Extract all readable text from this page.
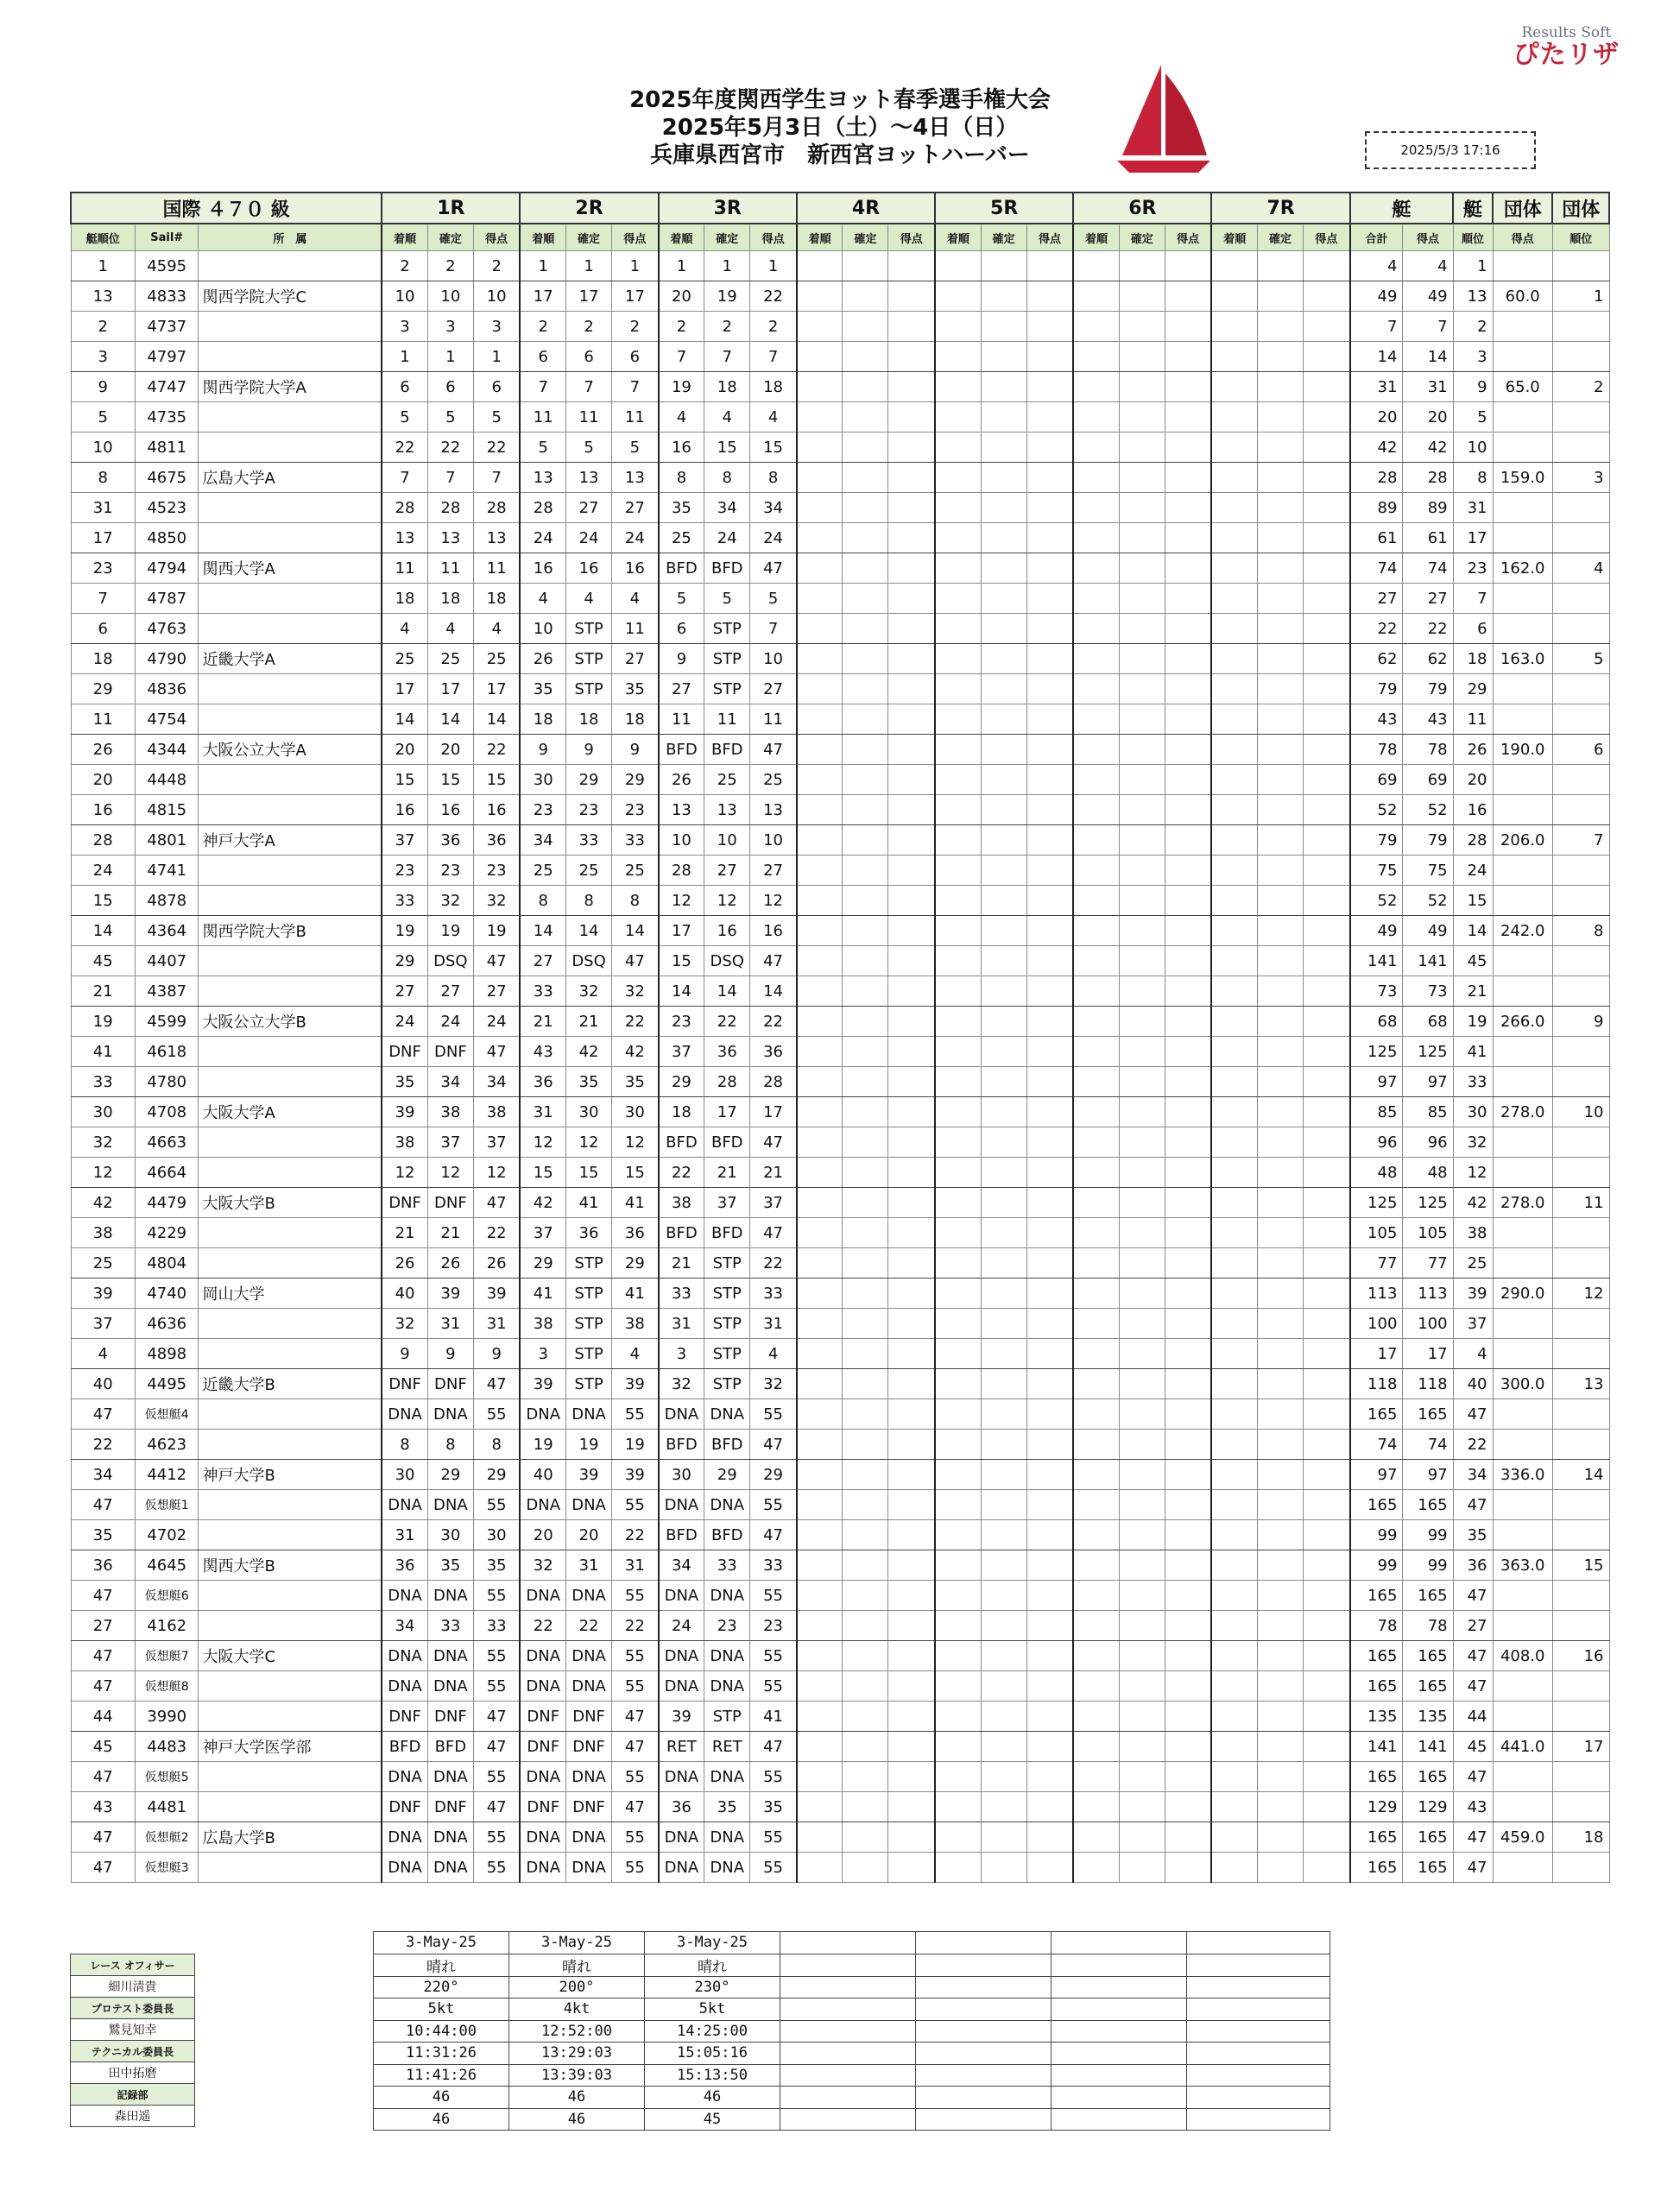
Results Soft
ぴたリザ
2025年度関西学生ヨット春季選手権大会
2025年5月3日（土）～4日（日）
兵庫県西宮市　新西宮ヨットハーバー	2025/5/3 17:16
国際 ４７０ 級			1R			2R			3R			4R			5R			6R			7R			艇		艇	団体	団体
艇順位	Sail#	所　属	着順	確定	得点	着順	確定	得点	着順	確定	得点	着順	確定	得点	着順	確定	得点	着順	確定	得点	着順	確定	得点	合計	得点	順位	得点	順位
1	4595		2	2	2	1	1	1	1	1	1													4	4	1		
13	4833	関西学院大学C	10	10	10	17	17	17	20	19	22													49	49	13	60.0	1
2	4737		3	3	3	2	2	2	2	2	2													7	7	2		
3	4797		1	1	1	6	6	6	7	7	7													14	14	3		
9	4747	関西学院大学A	6	6	6	7	7	7	19	18	18													31	31	9	65.0	2
5	4735		5	5	5	11	11	11	4	4	4													20	20	5		
10	4811		22	22	22	5	5	5	16	15	15													42	42	10		
8	4675	広島大学A	7	7	7	13	13	13	8	8	8													28	28	8	159.0	3
31	4523		28	28	28	28	27	27	35	34	34													89	89	31		
17	4850		13	13	13	24	24	24	25	24	24													61	61	17		
23	4794	関西大学A	11	11	11	16	16	16	BFD	BFD	47													74	74	23	162.0	4
7	4787		18	18	18	4	4	4	5	5	5													27	27	7		
6	4763		4	4	4	10	STP	11	6	STP	7													22	22	6		
18	4790	近畿大学A	25	25	25	26	STP	27	9	STP	10													62	62	18	163.0	5
29	4836		17	17	17	35	STP	35	27	STP	27													79	79	29		
11	4754		14	14	14	18	18	18	11	11	11													43	43	11		
26	4344	大阪公立大学A	20	20	22	9	9	9	BFD	BFD	47													78	78	26	190.0	6
20	4448		15	15	15	30	29	29	26	25	25													69	69	20		
16	4815		16	16	16	23	23	23	13	13	13													52	52	16		
28	4801	神戸大学A	37	36	36	34	33	33	10	10	10													79	79	28	206.0	7
24	4741		23	23	23	25	25	25	28	27	27													75	75	24		
15	4878		33	32	32	8	8	8	12	12	12													52	52	15		
14	4364	関西学院大学B	19	19	19	14	14	14	17	16	16													49	49	14	242.0	8
45	4407		29	DSQ	47	27	DSQ	47	15	DSQ	47													141	141	45		
21	4387		27	27	27	33	32	32	14	14	14													73	73	21		
19	4599	大阪公立大学B	24	24	24	21	21	22	23	22	22													68	68	19	266.0	9
41	4618		DNF	DNF	47	43	42	42	37	36	36													125	125	41		
33	4780		35	34	34	36	35	35	29	28	28													97	97	33		
30	4708	大阪大学A	39	38	38	31	30	30	18	17	17													85	85	30	278.0	10
32	4663		38	37	37	12	12	12	BFD	BFD	47													96	96	32		
12	4664		12	12	12	15	15	15	22	21	21													48	48	12		
42	4479	大阪大学B	DNF	DNF	47	42	41	41	38	37	37													125	125	42	278.0	11
38	4229		21	21	22	37	36	36	BFD	BFD	47													105	105	38		
25	4804		26	26	26	29	STP	29	21	STP	22													77	77	25		
39	4740	岡山大学	40	39	39	41	STP	41	33	STP	33													113	113	39	290.0	12
37	4636		32	31	31	38	STP	38	31	STP	31													100	100	37		
4	4898		9	9	9	3	STP	4	3	STP	4													17	17	4		
40	4495	近畿大学B	DNF	DNF	47	39	STP	39	32	STP	32													118	118	40	300.0	13
47	仮想艇4		DNA	DNA	55	DNA	DNA	55	DNA	DNA	55													165	165	47		
22	4623		8	8	8	19	19	19	BFD	BFD	47													74	74	22		
34	4412	神戸大学B	30	29	29	40	39	39	30	29	29													97	97	34	336.0	14
47	仮想艇1		DNA	DNA	55	DNA	DNA	55	DNA	DNA	55													165	165	47		
35	4702		31	30	30	20	20	22	BFD	BFD	47													99	99	35		
36	4645	関西大学B	36	35	35	32	31	31	34	33	33													99	99	36	363.0	15
47	仮想艇6		DNA	DNA	55	DNA	DNA	55	DNA	DNA	55													165	165	47		
27	4162		34	33	33	22	22	22	24	23	23													78	78	27		
47	仮想艇7	大阪大学C	DNA	DNA	55	DNA	DNA	55	DNA	DNA	55													165	165	47	408.0	16
47	仮想艇8		DNA	DNA	55	DNA	DNA	55	DNA	DNA	55													165	165	47		
44	3990		DNF	DNF	47	DNF	DNF	47	39	STP	41													135	135	44		
45	4483	神戸大学医学部	BFD	BFD	47	DNF	DNF	47	RET	RET	47													141	141	45	441.0	17
47	仮想艇5		DNA	DNA	55	DNA	DNA	55	DNA	DNA	55													165	165	47		
43	4481		DNF	DNF	47	DNF	DNF	47	36	35	35													129	129	43		
47	仮想艇2	広島大学B	DNA	DNA	55	DNA	DNA	55	DNA	DNA	55													165	165	47	459.0	18
47	仮想艇3		DNA	DNA	55	DNA	DNA	55	DNA	DNA	55													165	165	47		
レース オフィサー
細川淸貴
プロテスト委員長
鷲見知幸
テクニカル委員長
田中拓磨
記録部
森田遥
3-May-25	3-May-25	3-May-25				
晴れ	晴れ	晴れ				
220°	200°	230°				
5kt	4kt	5kt				
10:44:00	12:52:00	14:25:00				
11:31:26	13:29:03	15:05:16				
11:41:26	13:39:03	15:13:50				
46	46	46				
46	46	45				
